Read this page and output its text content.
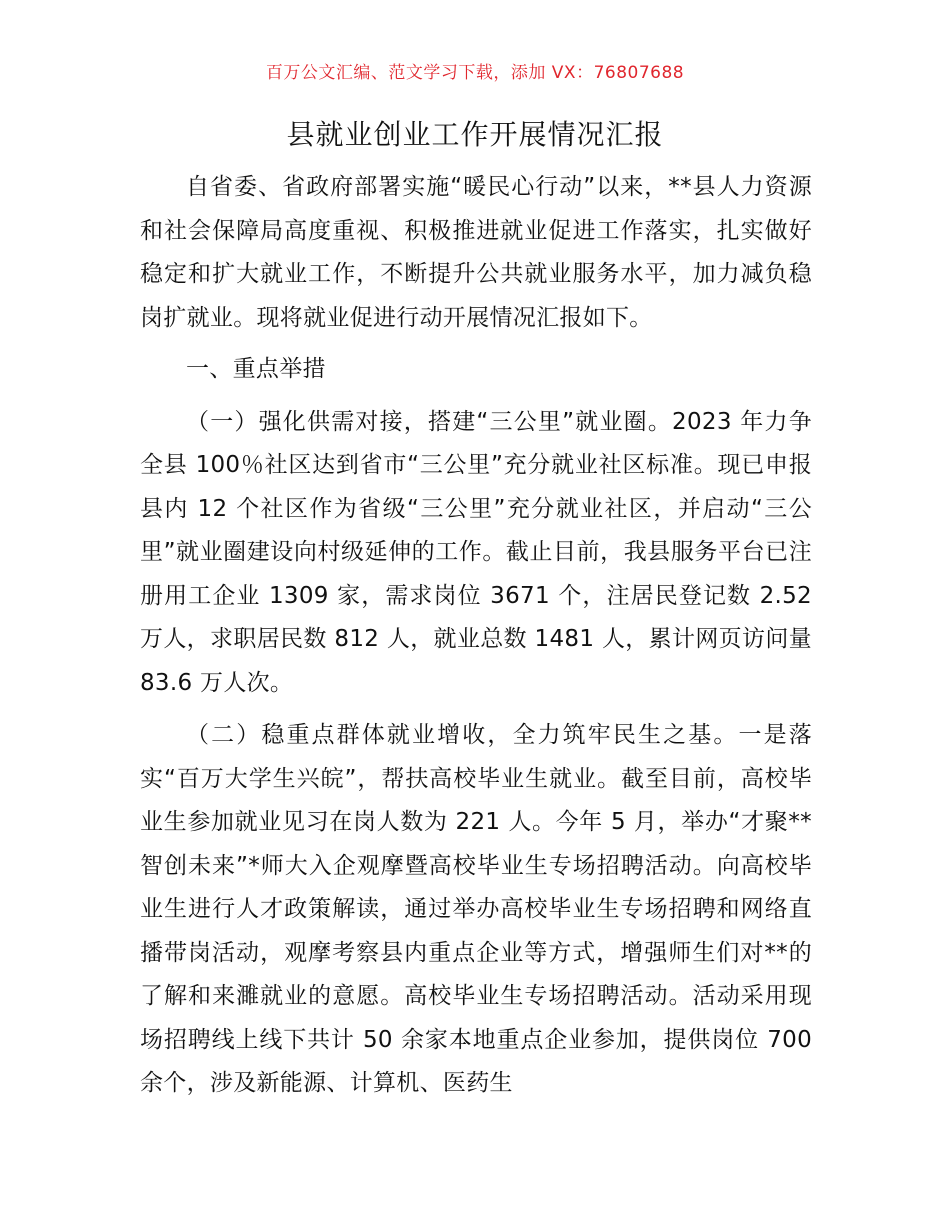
百万公文汇编、范文学习下载，添加 VX：76807688
县就业创业工作开展情况汇报

自省委、省政府部署实施“暖民心行动”以来，**县人力资源和社会保障局高度重视、积极推进就业促进工作落实，扎实做好稳定和扩大就业工作，不断提升公共就业服务水平，加力减负稳岗扩就业。现将就业促进行动开展情况汇报如下。

一、重点举措

（一）强化供需对接，搭建“三公里”就业圈。2023 年力争全县 100％社区达到省市“三公里”充分就业社区标准。现已申报县内 12 个社区作为省级“三公里”充分就业社区，并启动“三公里”就业圈建设向村级延伸的工作。截止目前，我县服务平台已注册用工企业 1309 家，需求岗位 3671 个，注居民登记数 2.52 万人，求职居民数 812 人，就业总数 1481 人，累计网页访问量 83.6 万人次。

（二）稳重点群体就业增收，全力筑牢民生之基。一是落实“百万大学生兴皖”，帮扶高校毕业生就业。截至目前，高校毕业生参加就业见习在岗人数为 221 人。今年 5 月，举办“才聚**智创未来”*师大入企观摩暨高校毕业生专场招聘活动。向高校毕业生进行人才政策解读，通过举办高校毕业生专场招聘和网络直播带岗活动，观摩考察县内重点企业等方式，增强师生们对**的了解和来濉就业的意愿。高校毕业生专场招聘活动。活动采用现场招聘线上线下共计 50 余家本地重点企业参加，提供岗位 700 余个，涉及新能源、计算机、医药生
